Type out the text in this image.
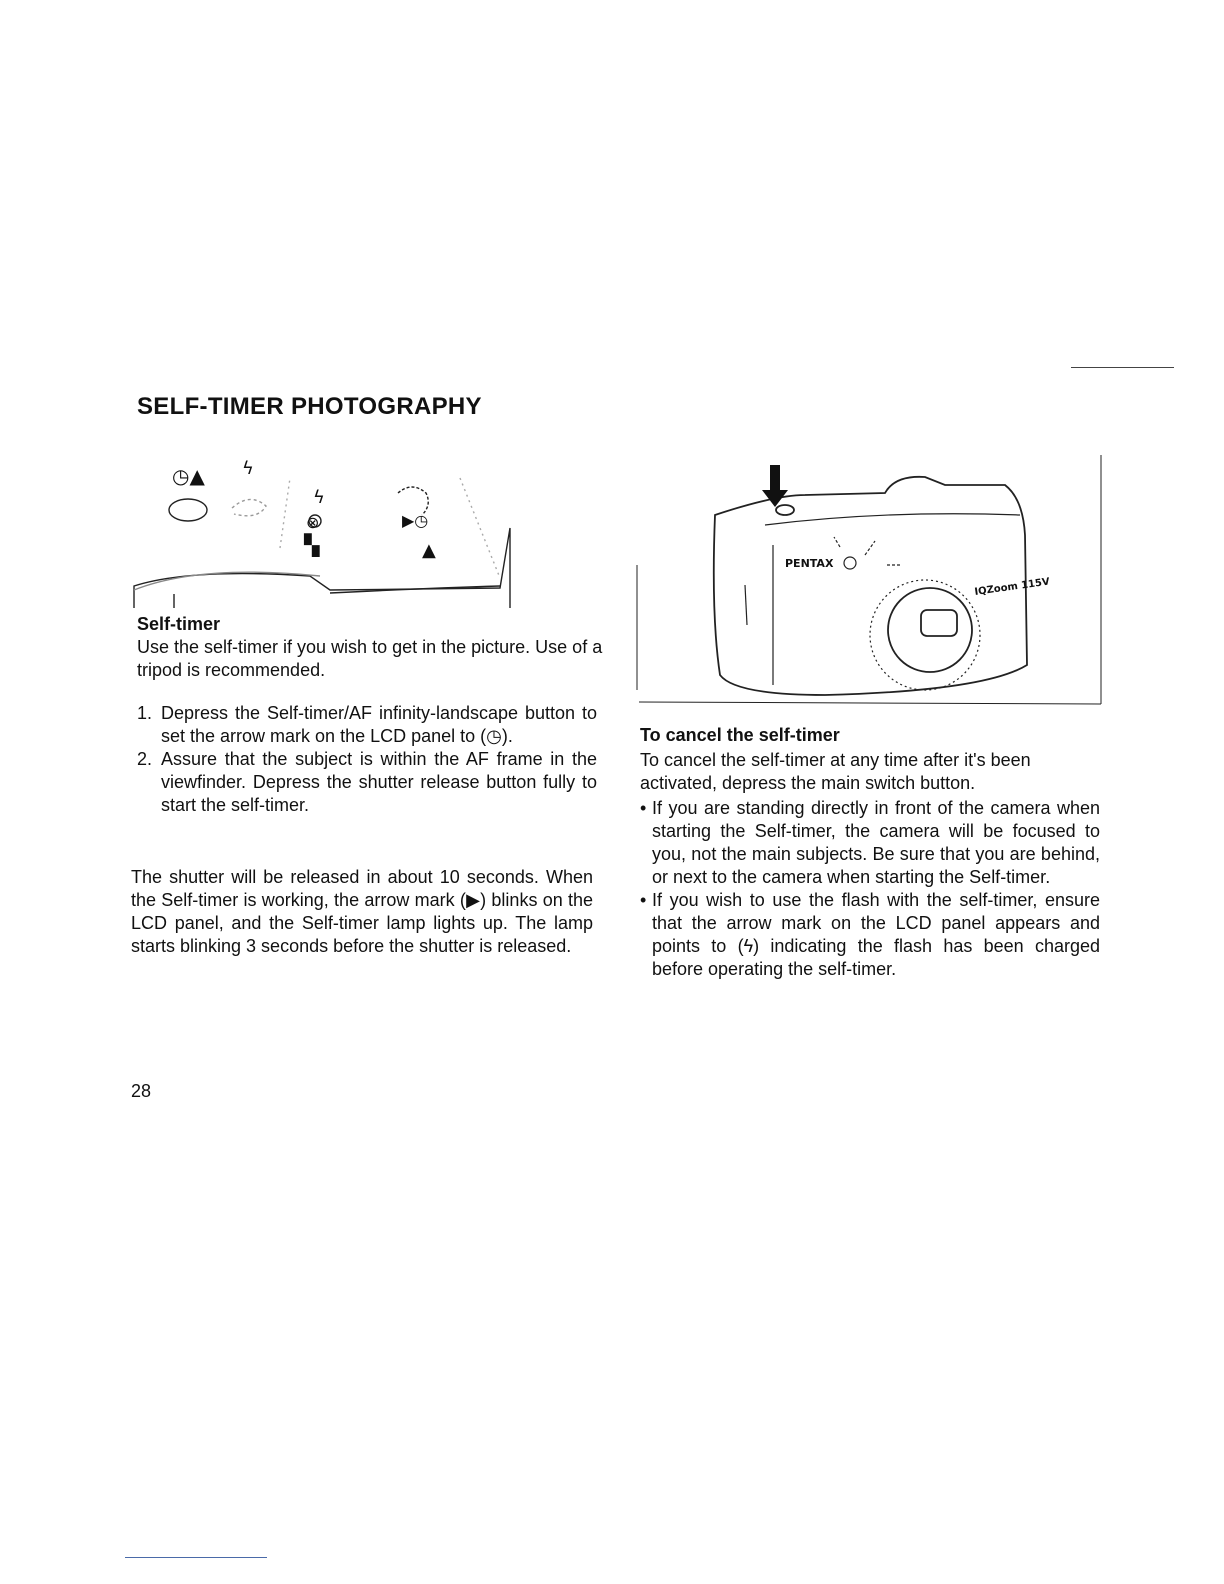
SELF-TIMER PHOTOGRAPHY
◷▲ ϟ
ϟ
⊗
▚
▶◷
▲
PENTAX
IQZoom 115V
Self-timer
Use the self-timer if you wish to get in the picture. Use of a tripod is recommended.
1. Depress the Self-timer/AF infinity-landscape button to set the arrow mark on the LCD panel to (◷).
2. Assure that the subject is within the AF frame in the viewfinder. Depress the shutter release button fully to start the self-timer.
The shutter will be released in about 10 seconds. When the Self-timer is working, the arrow mark (▶) blinks on the LCD panel, and the Self-timer lamp lights up. The lamp starts blinking 3 seconds before the shutter is released.
To cancel the self-timer
To cancel the self-timer at any time after it's been activated, depress the main switch button.
• If you are standing directly in front of the camera when starting the Self-timer, the camera will be focused to you, not the main subjects. Be sure that you are behind, or next to the camera when starting the Self-timer.
• If you wish to use the flash with the self-timer, ensure that the arrow mark on the LCD panel appears and points to (ϟ) indicating the flash has been charged before operating the self-timer.
28
